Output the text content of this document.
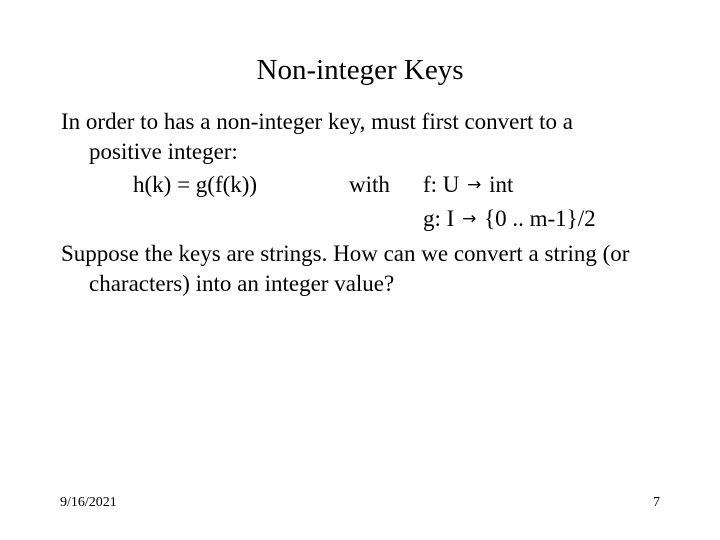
Non-integer Keys
In order to has a non-integer key, must first convert to a
positive integer:
h(k) = g(f(k))	with f: U → int
g: I → {0 .. m-1}/2
Suppose the keys are strings. How can we convert a string (or
characters) into an integer value?
9/16/2021	7
